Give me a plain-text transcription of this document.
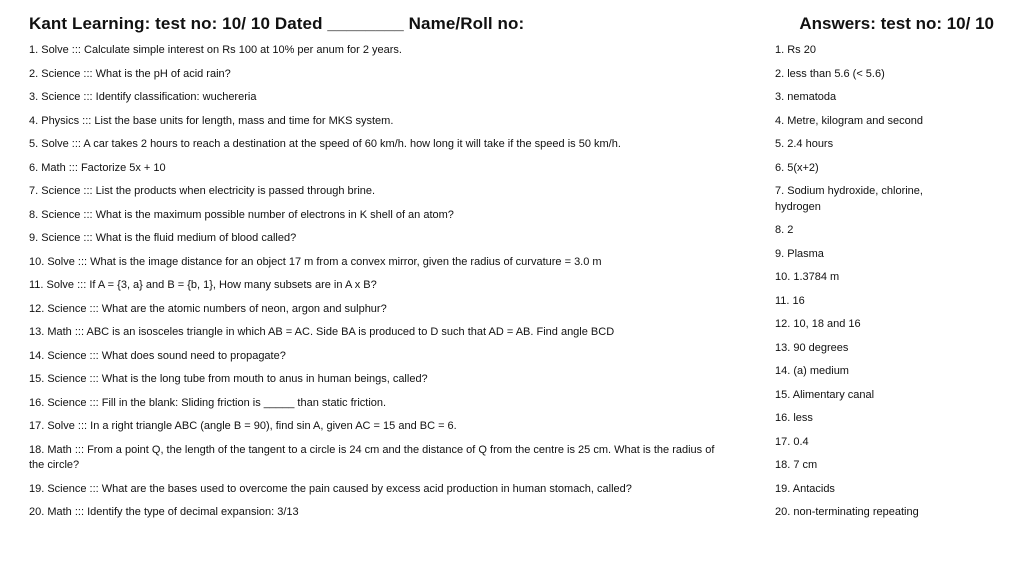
Kant Learning: test no: 10/ 10 Dated ________ Name/Roll no:	Answers: test no: 10/ 10
1. Solve ::: Calculate simple interest on Rs 100 at 10% per anum for 2 years.
2. Science ::: What is the pH of acid rain?
3. Science ::: Identify classification: wuchereria
4. Physics ::: List the base units for length, mass and time for MKS system.
5. Solve ::: A car takes 2 hours to reach a destination at the speed of 60 km/h. how long it will take if the speed is 50 km/h.
6. Math ::: Factorize 5x + 10
7. Science ::: List the products when electricity is passed through brine.
8. Science ::: What is the maximum possible number of electrons in K shell of an atom?
9. Science ::: What is the fluid medium of blood called?
10. Solve ::: What is the image distance for an object 17 m from a convex mirror, given the radius of curvature = 3.0 m
11. Solve ::: If A = {3, a} and B = {b, 1}, How many subsets are in A x B?
12. Science ::: What are the atomic numbers of neon, argon and sulphur?
13. Math ::: ABC is an isosceles triangle in which AB = AC. Side BA is produced to D such that AD = AB. Find angle BCD
14. Science ::: What does sound need to propagate?
15. Science ::: What is the long tube from mouth to anus in human beings, called?
16. Science ::: Fill in the blank: Sliding friction is _____ than static friction.
17. Solve ::: In a right triangle ABC (angle B = 90), find sin A, given AC = 15 and BC = 6.
18. Math ::: From a point Q, the length of the tangent to a circle is 24 cm and the distance of Q from the centre is 25 cm. What is the radius of the circle?
19. Science ::: What are the bases used to overcome the pain caused by excess acid production in human stomach, called?
20. Math ::: Identify the type of decimal expansion: 3/13
1. Rs 20
2. less than 5.6 (< 5.6)
3. nematoda
4. Metre, kilogram and second
5. 2.4 hours
6. 5(x+2)
7. Sodium hydroxide, chlorine, hydrogen
8. 2
9. Plasma
10. 1.3784 m
11. 16
12. 10, 18 and 16
13. 90 degrees
14. (a) medium
15. Alimentary canal
16. less
17. 0.4
18. 7 cm
19. Antacids
20. non-terminating repeating
